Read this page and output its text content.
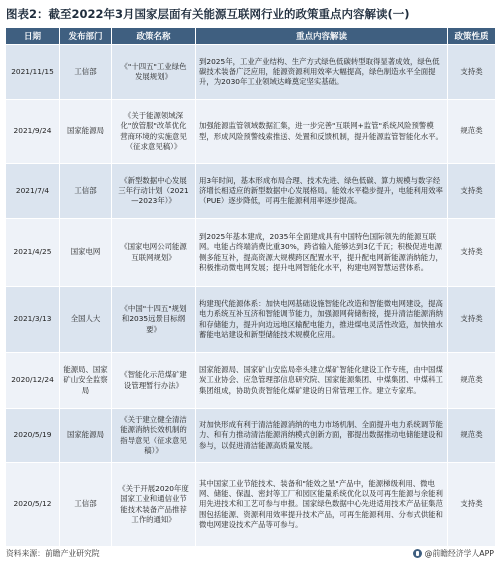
图表2：截至2022年3月国家层面有关能源互联网行业的政策重点内容解读(一)
日期	发布部门	政策名称	重点内容解读	政策性质
2021/11/15	工信部	《"十四五"工业绿色发展规划》	到2025年，工业产业结构、生产方式绿色低碳转型取得显著成效，绿色低碳技术装备广泛应用，能源资源利用效率大幅提高，绿色制造水平全面提升，为2030年工业领域达峰奠定坚实基础。	支持类
2021/9/24	国家能源局	《关于能源领域深化"放管服"改革优化营商环境的实施意见（征求意见稿）》	加强能源监管领域数据汇集，进一步完善"互联网+监管"系统风险预警模型，形成风险预警线索推送、处置和反馈机制，提升能源监管智能化水平。	规范类
2021/7/4	工信部	《新型数据中心发展三年行动计划（2021—2023年）》	用3年时间，基本形成布局合理、技术先进、绿色低碳、算力规模与数字经济增长相适应的新型数据中心发展格局。能效水平稳步提升，电能利用效率（PUE）逐步降低，可再生能源利用率逐步提高。	支持类
2021/4/25	国家电网	《国家电网公司能源互联网规划》	到2025年基本建成，2035年全面建成具有中国特色国际领先的能源互联网。电能占终端消费比重30%，跨省输入能够达到3亿千瓦；积极促进电源侧多能互补，提高资源大规模跨区配置水平，提升配电网新能源消纳能力，积极推动微电网发展；提升电网智能化水平，构建电网智慧运营体系。	支持类
2021/3/13	全国人大	《中国"十四五"规划和2035远景目标纲要》	构建现代能源体系：加快电网基础设施智能化改造和智能微电网建设，提高电力系统互补互济和智能调节能力，加强源网荷储衔接，提升清洁能源消纳和存储能力，提升向边远地区输配电能力，推进煤电灵活性改造，加快抽水蓄能电站建设和新型储能技术规模化应用。	支持类
2020/12/24	能源局、国家矿山安全监察局	《智能化示范煤矿建设管理暂行办法》	国家能源局、国家矿山安监局牵头建立煤矿智能化建设工作专班，由中国煤炭工业协会、应急管理部信息研究院、国家能源集团、中煤集团、中煤科工集团组成，协助负责智能化煤矿建设的日常管理工作。建立专家库。	规范类
2020/5/19	国家能源局	《关于建立健全清洁能源消纳长效机制的指导意见（征求意见稿）》	对加快形成有利于清洁能源消纳的电力市场机制、全面提升电力系统调节能力、和有力推动清洁能源消纳模式创新方面，都提出数据推动电储能建设和参与，以促进清洁能源高质量发展。	规范类
2020/5/12	工信部	《关于开展2020年度国家工业和通信业节能技术装备产品推荐工作的通知》	其中国家工业节能技术、装备和"能效之星"产品中，能源梯级利用、微电网、储能、保温、密封等工厂和园区能量系统优化以及可再生能源与余能利用先进技术和工艺可参与申报。国家绿色数据中心先进适用技术产品征集范围包括能源、资源利用效率提升技术产品，可再生能源利用、分布式供能和微电网建设技术产品等可参与。	支持类
资料来源：前瞻产业研究院	@前瞻经济学人APP
